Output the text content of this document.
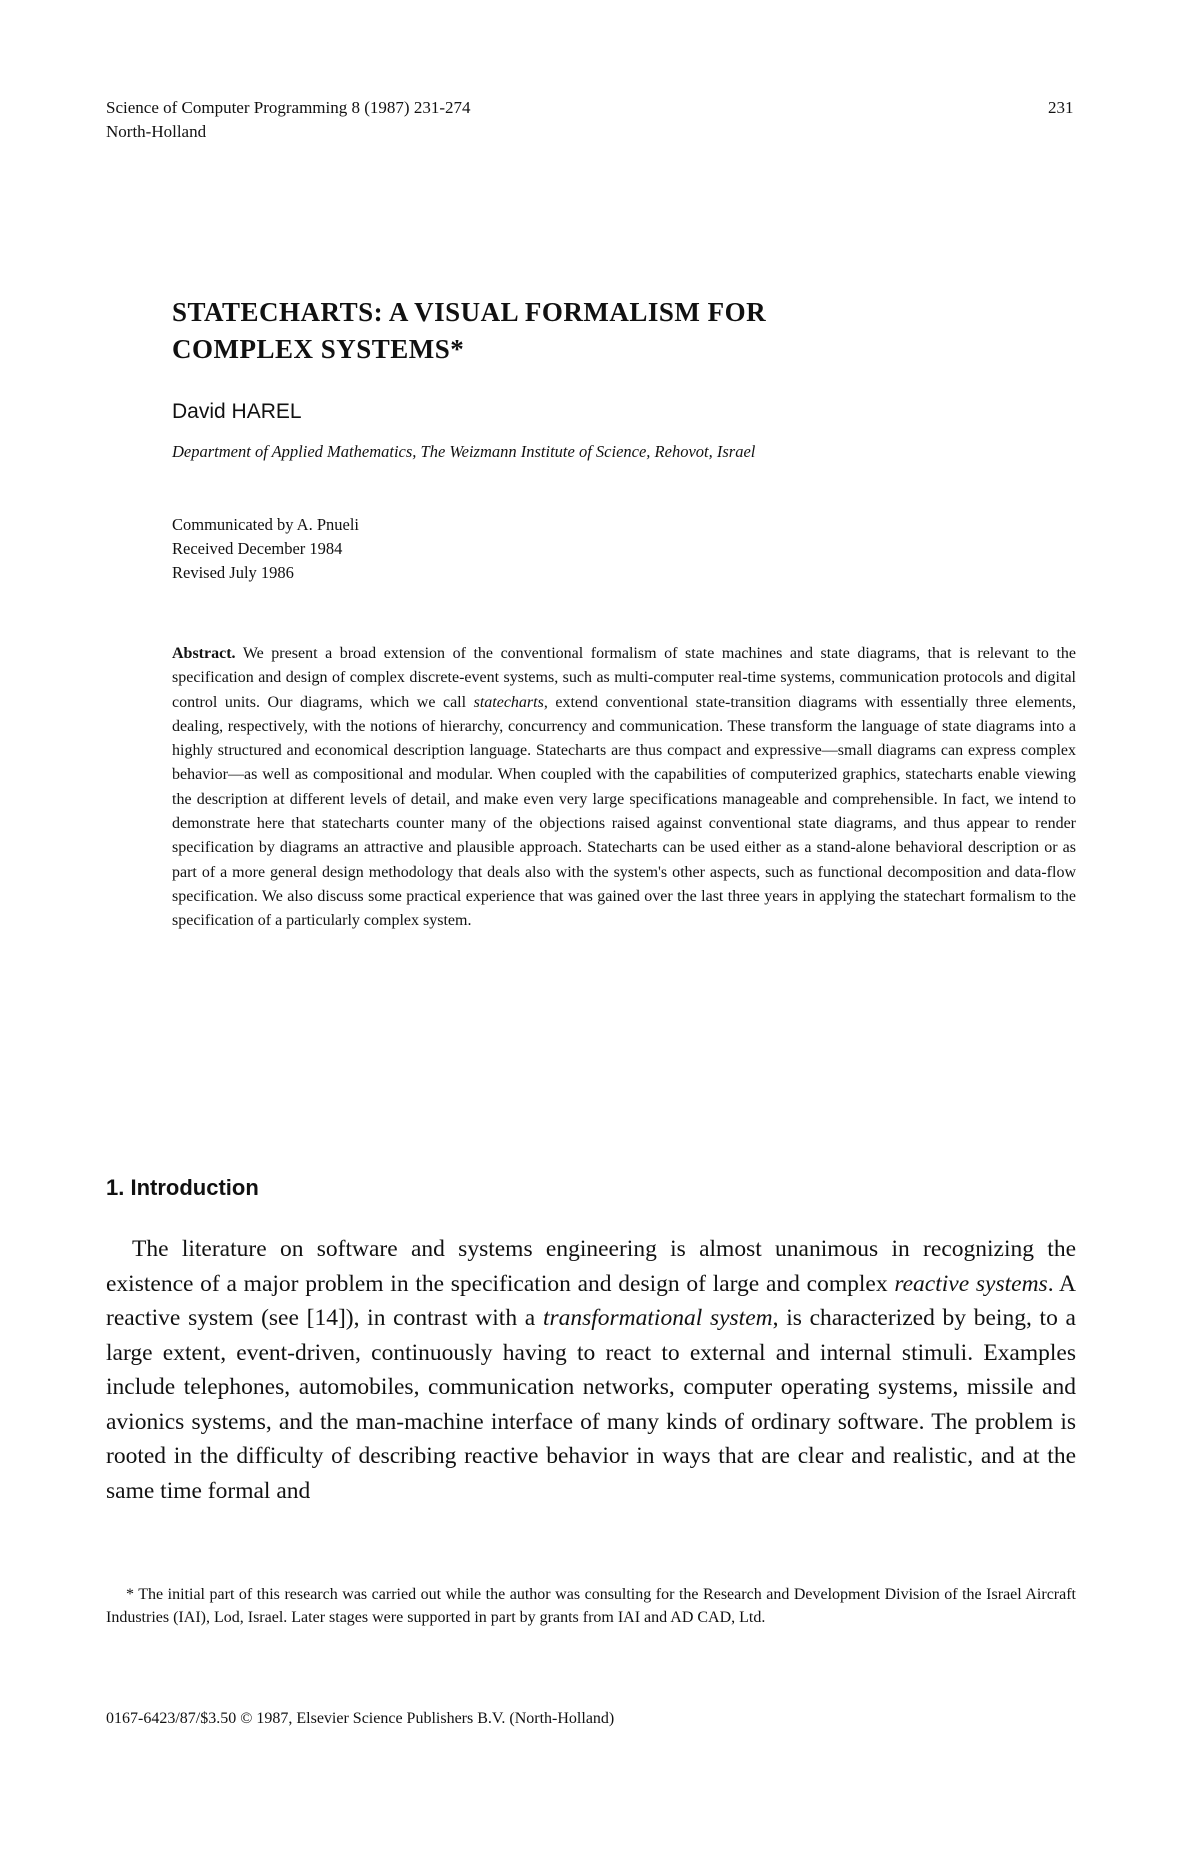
Science of Computer Programming 8 (1987) 231-274
North-Holland
231
STATECHARTS: A VISUAL FORMALISM FOR
COMPLEX SYSTEMS*
David HAREL
Department of Applied Mathematics, The Weizmann Institute of Science, Rehovot, Israel
Communicated by A. Pnueli
Received December 1984
Revised July 1986
Abstract. We present a broad extension of the conventional formalism of state machines and state diagrams, that is relevant to the specification and design of complex discrete-event systems, such as multi-computer real-time systems, communication protocols and digital control units. Our diagrams, which we call statecharts, extend conventional state-transition diagrams with essentially three elements, dealing, respectively, with the notions of hierarchy, concurrency and communication. These transform the language of state diagrams into a highly structured and economical description language. Statecharts are thus compact and expressive—small diagrams can express complex behavior—as well as compositional and modular. When coupled with the capabilities of computerized graphics, statecharts enable viewing the description at different levels of detail, and make even very large specifications manageable and comprehensible. In fact, we intend to demonstrate here that statecharts counter many of the objections raised against conventional state diagrams, and thus appear to render specification by diagrams an attractive and plausible approach. Statecharts can be used either as a stand-alone behavioral description or as part of a more general design methodology that deals also with the system's other aspects, such as functional decomposition and data-flow specification. We also discuss some practical experience that was gained over the last three years in applying the statechart formalism to the specification of a particularly complex system.
1. Introduction
The literature on software and systems engineering is almost unanimous in recognizing the existence of a major problem in the specification and design of large and complex reactive systems. A reactive system (see [14]), in contrast with a transformational system, is characterized by being, to a large extent, event-driven, continuously having to react to external and internal stimuli. Examples include telephones, automobiles, communication networks, computer operating systems, missile and avionics systems, and the man-machine interface of many kinds of ordinary software. The problem is rooted in the difficulty of describing reactive behavior in ways that are clear and realistic, and at the same time formal and
* The initial part of this research was carried out while the author was consulting for the Research and Development Division of the Israel Aircraft Industries (IAI), Lod, Israel. Later stages were supported in part by grants from IAI and AD CAD, Ltd.
0167-6423/87/$3.50 © 1987, Elsevier Science Publishers B.V. (North-Holland)
